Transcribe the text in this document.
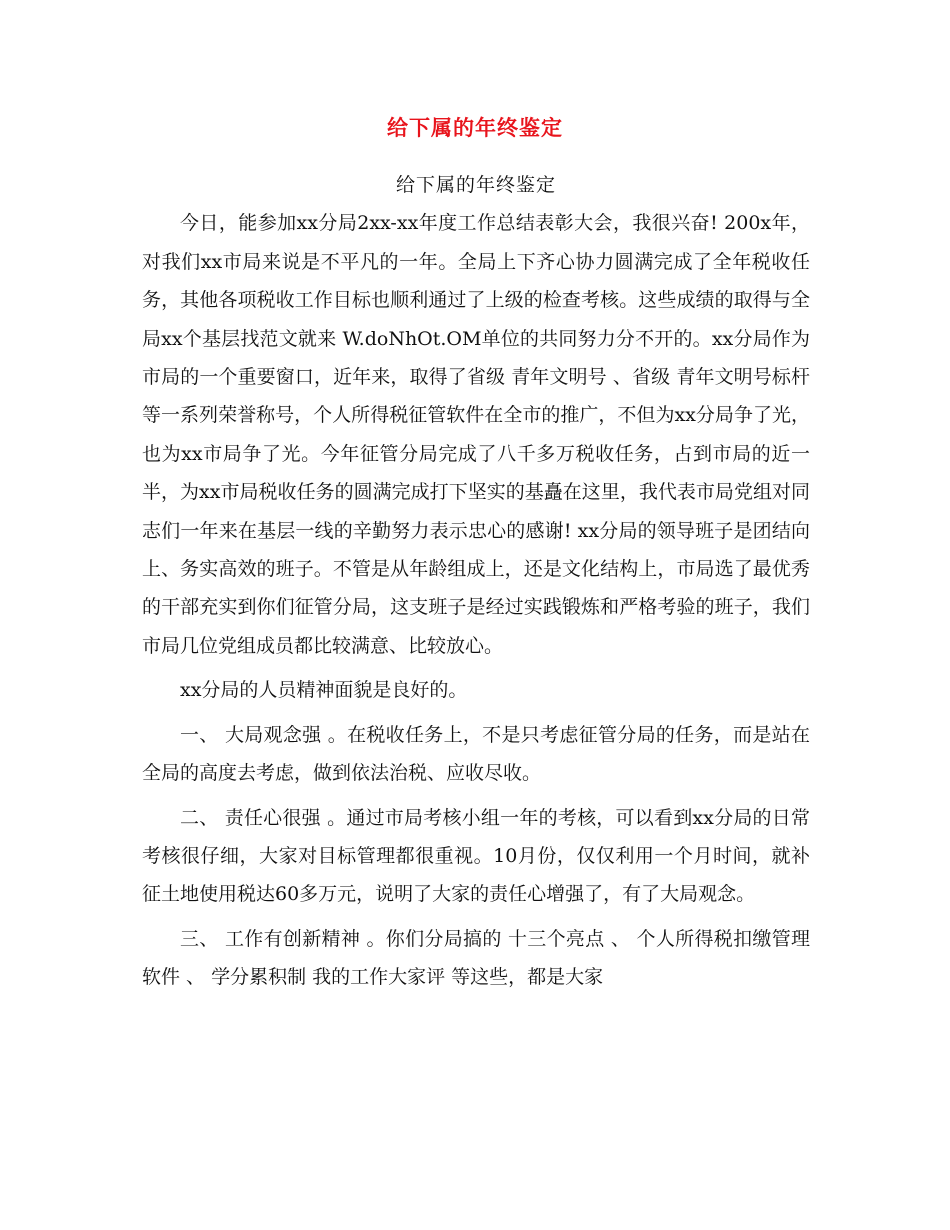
给下属的年终鉴定

给下属的年终鉴定

今日，能参加xx分局2xx-xx年度工作总结表彰大会，我很兴奋! 200x年，对我们xx市局来说是不平凡的一年。全局上下齐心协力圆满完成了全年税收任务，其他各项税收工作目标也顺利通过了上级的检查考核。这些成绩的取得与全局xx个基层找范文就来 W.doNhOt.OM单位的共同努力分不开的。xx分局作为市局的一个重要窗口，近年来，取得了省级 青年文明号 、省级 青年文明号标杆 等一系列荣誉称号，个人所得税征管软件在全市的推广，不但为xx分局争了光，也为xx市局争了光。今年征管分局完成了八千多万税收任务，占到市局的近一半，为xx市局税收任务的圆满完成打下坚实的基矗在这里，我代表市局党组对同志们一年来在基层一线的辛勤努力表示忠心的感谢! xx分局的领导班子是团结向上、务实高效的班子。不管是从年龄组成上，还是文化结构上，市局选了最优秀的干部充实到你们征管分局，这支班子是经过实践锻炼和严格考验的班子，我们市局几位党组成员都比较满意、比较放心。

xx分局的人员精神面貌是良好的。

一、 大局观念强 。在税收任务上，不是只考虑征管分局的任务，而是站在全局的高度去考虑，做到依法治税、应收尽收。

二、 责任心很强 。通过市局考核小组一年的考核，可以看到xx分局的日常考核很仔细，大家对目标管理都很重视。10月份，仅仅利用一个月时间，就补征土地使用税达60多万元，说明了大家的责任心增强了，有了大局观念。

三、 工作有创新精神 。你们分局搞的 十三个亮点 、 个人所得税扣缴管理软件 、 学分累积制 我的工作大家评 等这些，都是大家
